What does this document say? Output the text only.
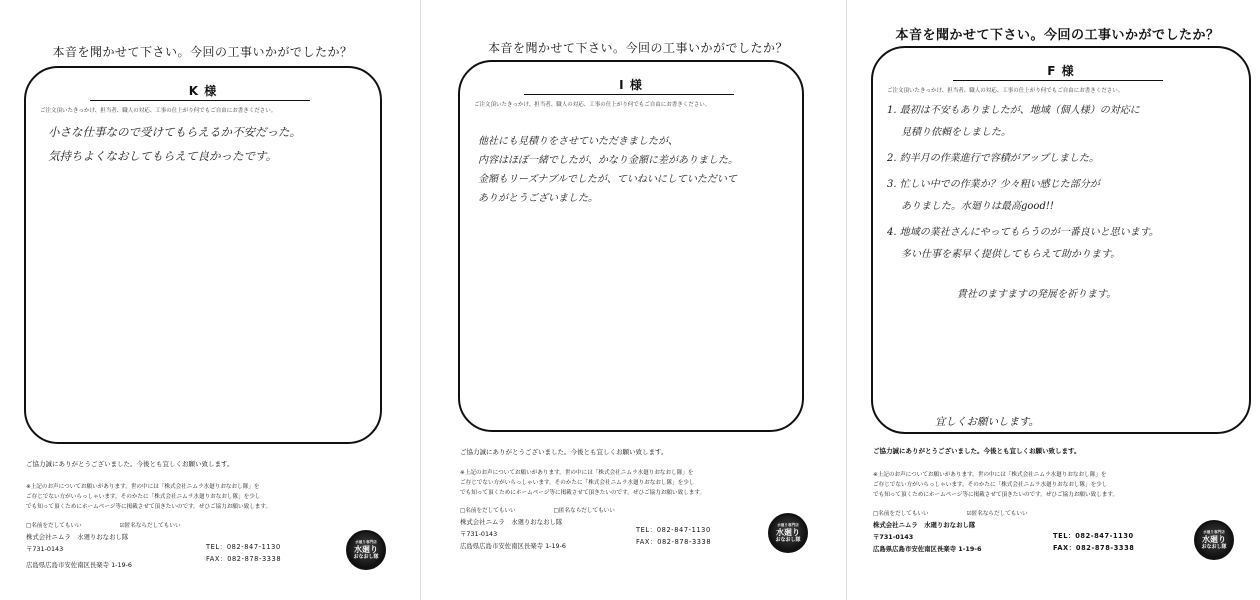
本音を聞かせて下さい。今回の工事いかがでしたか？
K 様
ご注文頂いたきっかけ、担当者、職人の対応、工事の仕上がり何でもご自由にお書きください。
小さな仕事なので受けてもらえるか不安だった。
気持ちよくなおしてもらえて良かったです。
ご協力誠にありがとうございました。今後とも宜しくお願い致します。
※上記のお声についてお願いがあります。世の中には「株式会社ニムラ水廻りおなおし隊」を
ご存じでない方がいらっしゃいます。そのかたに「株式会社ニムラ水廻りおなおし隊」を少し
でも知って頂くためにホームページ等に掲載させて頂きたいのです。ぜひご協力お願い致します。
□名前をだしてもいい	☑匿名ならだしてもいい
株式会社ニムラ　水廻りおなおし隊
〒731-0143
広島県広島市安佐南区長楽寺 1-19-6
TEL：082-847-1130
FAX：082-878-3338
水廻り専門店
水廻り
おなおし隊
本音を聞かせて下さい。今回の工事いかがでしたか？
I 様
ご注文頂いたきっかけ、担当者、職人の対応、工事の仕上がり何でもご自由にお書きください。
他社にも見積りをさせていただきましたが、
内容はほぼ一緒でしたが、かなり金額に差がありました。
金額もリーズナブルでしたが、ていねいにしていただいて
ありがとうございました。
ご協力誠にありがとうございました。今後とも宜しくお願い致します。
※上記のお声についてお願いがあります。世の中には「株式会社ニムラ水廻りおなおし隊」を
ご存じでない方がいらっしゃいます。そのかたに「株式会社ニムラ水廻りおなおし隊」を少し
でも知って頂くためにホームページ等に掲載させて頂きたいのです。ぜひご協力お願い致します。
□名前をだしてもいい	□匿名ならだしてもいい
株式会社ニムラ　水廻りおなおし隊
〒731-0143
広島県広島市安佐南区長楽寺 1-19-6
TEL：082-847-1130
FAX：082-878-3338
水廻り専門店
水廻り
おなおし隊
本音を聞かせて下さい。今回の工事いかがでしたか？
F 様
ご注文頂いたきっかけ、担当者、職人の対応、工事の仕上がり何でもご自由にお書きください。
1. 最初は不安もありましたが、地域（個人様）の対応に
見積り依頼をしました。
2. 約半月の作業進行で容積がアップしました。
3. 忙しい中での作業か？少々粗い感じた部分が
ありました。水廻りは最高good!!
4. 地域の業社さんにやってもらうのが一番良いと思います。
多い仕事を素早く提供してもらえて助かります。
貴社のますますの発展を祈ります。
宜しくお願いします。
ご協力誠にありがとうございました。今後とも宜しくお願い致します。
※上記のお声についてお願いがあります。世の中には「株式会社ニムラ水廻りおなおし隊」を
ご存じでない方がいらっしゃいます。そのかたに「株式会社ニムラ水廻りおなおし隊」を少し
でも知って頂くためにホームページ等に掲載させて頂きたいのです。ぜひご協力お願い致します。
□名前をだしてもいい	☑匿名ならだしてもいい
株式会社ニムラ　水廻りおなおし隊
〒731-0143
広島県広島市安佐南区長楽寺 1-19-6
TEL：082-847-1130
FAX：082-878-3338
水廻り専門店
水廻り
おなおし隊
